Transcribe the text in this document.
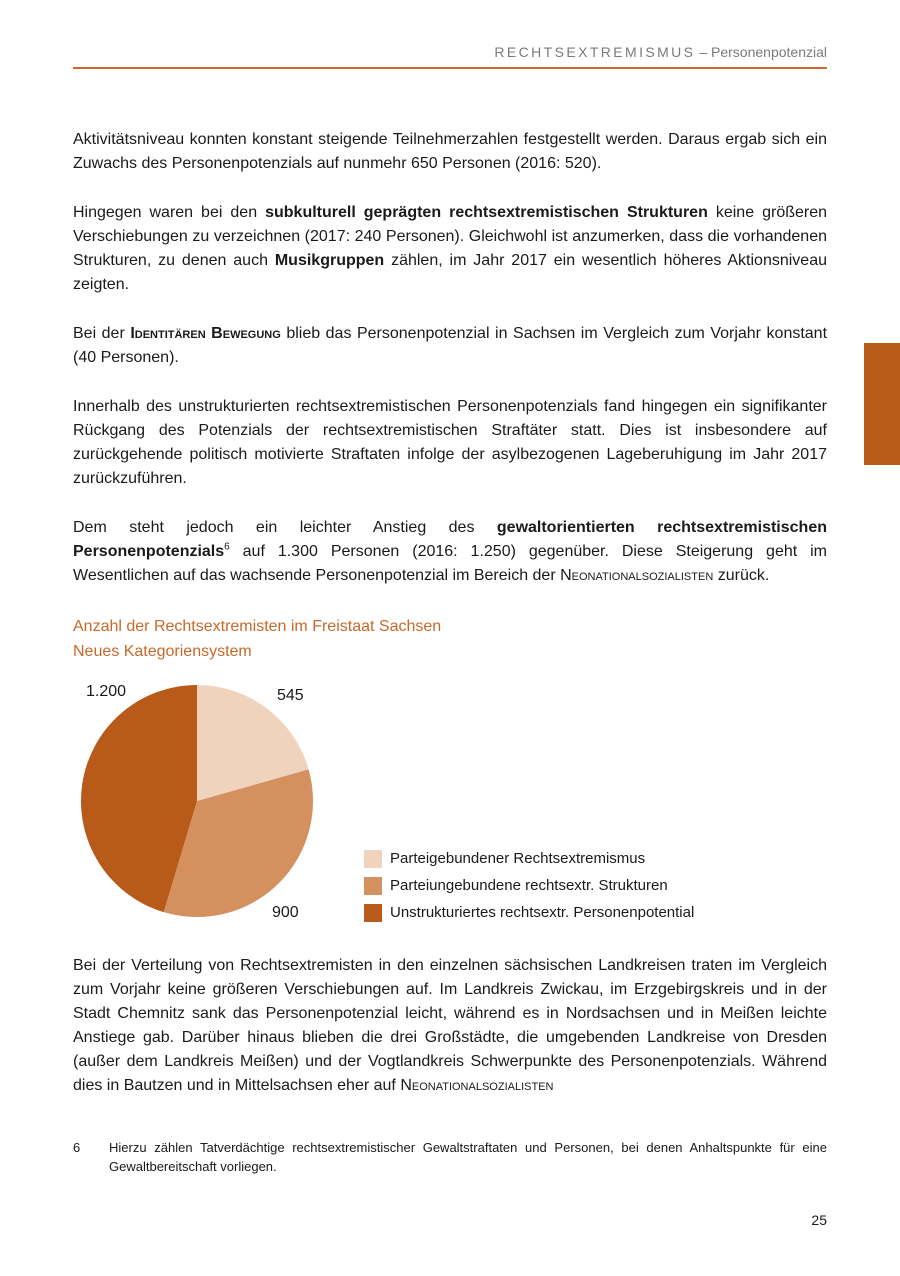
RECHTSEXTREMISMUS – Personenpotenzial

Aktivitätsniveau konnten konstant steigende Teilnehmerzahlen festgestellt werden. Daraus ergab sich ein Zuwachs des Personenpotenzials auf nunmehr 650 Personen (2016: 520).

Hingegen waren bei den subkulturell geprägten rechtsextremistischen Strukturen keine größeren Verschiebungen zu verzeichnen (2017: 240 Personen). Gleichwohl ist anzumerken, dass die vorhandenen Strukturen, zu denen auch Musikgruppen zählen, im Jahr 2017 ein wesentlich höheres Aktionsniveau zeigten.

Bei der Identitären Bewegung blieb das Personenpotenzial in Sachsen im Vergleich zum Vorjahr konstant (40 Personen).

Innerhalb des unstrukturierten rechtsextremistischen Personenpotenzials fand hingegen ein signifikanter Rückgang des Potenzials der rechtsextremistischen Straftäter statt. Dies ist insbesondere auf zurückgehende politisch motivierte Straftaten infolge der asylbezogenen Lageberuhigung im Jahr 2017 zurückzuführen.

Dem steht jedoch ein leichter Anstieg des gewaltorientierten rechtsextremistischen Personenpotenzials$^6$ auf 1.300 Personen (2016: 1.250) gegenüber. Diese Steigerung geht im Wesentlichen auf das wachsende Personenpotenzial im Bereich der Neonationalsozialisten zurück.

Anzahl der Rechtsextremisten im Freistaat Sachsen
Neues Kategoriensystem
1.200	545
900
Parteigebundener Rechtsextremismus
Parteiungebundene rechtsextr. Strukturen
Unstrukturiertes rechtsextr. Personenpotential

Bei der Verteilung von Rechtsextremisten in den einzelnen sächsischen Landkreisen traten im Vergleich zum Vorjahr keine größeren Verschiebungen auf. Im Landkreis Zwickau, im Erzgebirgskreis und in der Stadt Chemnitz sank das Personenpotenzial leicht, während es in Nordsachsen und in Meißen leichte Anstiege gab. Darüber hinaus blieben die drei Großstädte, die umgebenden Landkreise von Dresden (außer dem Landkreis Meißen) und der Vogtlandkreis Schwerpunkte des Personenpotenzials. Während dies in Bautzen und in Mittelsachsen eher auf Neonationalsozialisten

6	Hierzu zählen Tatverdächtige rechtsextremistischer Gewaltstraftaten und Personen, bei denen Anhaltspunkte für eine Gewaltbereitschaft vorliegen.
25
